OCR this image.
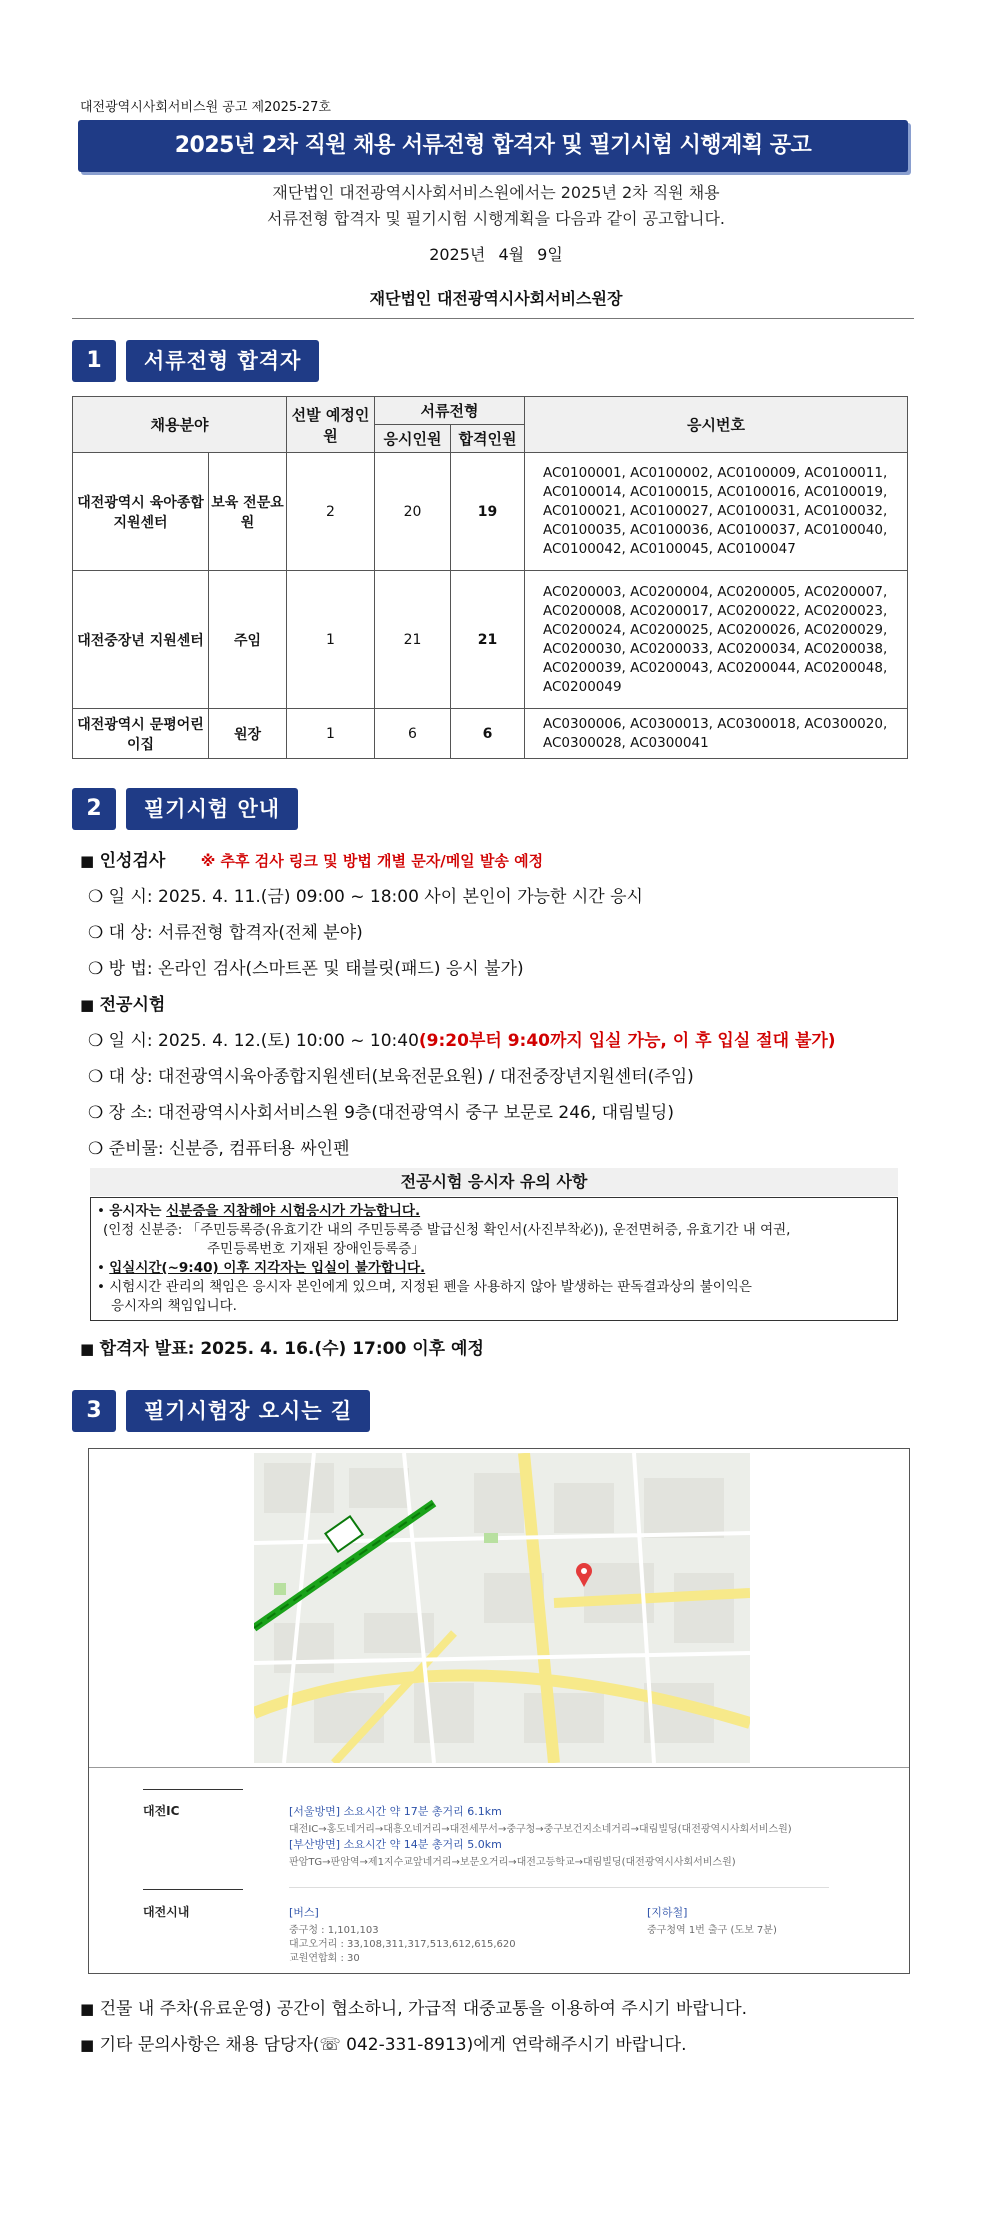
대전광역시사회서비스원 공고 제2025-27호
2025년 2차 직원 채용 서류전형 합격자 및 필기시험 시행계획 공고
재단법인 대전광역시사회서비스원에서는 2025년 2차 직원 채용
서류전형 합격자 및 필기시험 시행계획을 다음과 같이 공고합니다.
2025년 4월 9일
재단법인 대전광역시사회서비스원장
1	서류전형 합격자
채용분야		선발 예정인원	서류전형		응시번호
			응시인원	합격인원	
대전광역시 육아종합지원센터	보육 전문요원	2	20	19	AC0100001, AC0100002, AC0100009, AC0100011, AC0100014, AC0100015, AC0100016, AC0100019, AC0100021, AC0100027, AC0100031, AC0100032, AC0100035, AC0100036, AC0100037, AC0100040, AC0100042, AC0100045, AC0100047
대전중장년 지원센터	주임	1	21	21	AC0200003, AC0200004, AC0200005, AC0200007, AC0200008, AC0200017, AC0200022, AC0200023, AC0200024, AC0200025, AC0200026, AC0200029, AC0200030, AC0200033, AC0200034, AC0200038, AC0200039, AC0200043, AC0200044, AC0200048, AC0200049
대전광역시 문평어린이집	원장	1	6	6	AC0300006, AC0300013, AC0300018, AC0300020, AC0300028, AC0300041
2	필기시험 안내
■ 인성검사 ※ 추후 검사 링크 및 방법 개별 문자/메일 발송 예정
❍ 일 시: 2025. 4. 11.(금) 09:00 ~ 18:00 사이 본인이 가능한 시간 응시
❍ 대 상: 서류전형 합격자(전체 분야)
❍ 방 법: 온라인 검사(스마트폰 및 태블릿(패드) 응시 불가)
■ 전공시험
❍ 일 시: 2025. 4. 12.(토) 10:00 ~ 10:40(9:20부터 9:40까지 입실 가능, 이 후 입실 절대 불가)
❍ 대 상: 대전광역시육아종합지원센터(보육전문요원) / 대전중장년지원센터(주임)
❍ 장 소: 대전광역시사회서비스원 9층(대전광역시 중구 보문로 246, 대림빌딩)
❍ 준비물: 신분증, 컴퓨터용 싸인펜
전공시험 응시자 유의 사항
• 응시자는 신분증을 지참해야 시험응시가 가능합니다.
(인정 신분증: 「주민등록증(유효기간 내의 주민등록증 발급신청 확인서(사진부착必)), 운전면허증, 유효기간 내 여권,
주민등록번호 기재된 장애인등록증」
• 입실시간(~9:40) 이후 지각자는 입실이 불가합니다.
• 시험시간 관리의 책임은 응시자 본인에게 있으며, 지정된 펜을 사용하지 않아 발생하는 판독결과상의 불이익은
응시자의 책임입니다.
■ 합격자 발표: 2025. 4. 16.(수) 17:00 이후 예정
3	필기시험장 오시는 길
대전IC	[서울방면] 소요시간 약 17분 총거리 6.1km
대전IC→홍도네거리→대흥오네거리→대전세무서→중구청→중구보건지소네거리→대림빌딩(대전광역시사회서비스원)
[부산방면] 소요시간 약 14분 총거리 5.0km
판암TG→판암역→제1지수교앞네거리→보문오거리→대전고등학교→대림빌딩(대전광역시사회서비스원)
대전시내	[버스]
중구청 : 1,101,103
대고오거리 : 33,108,311,317,513,612,615,620
교원연합회 : 30
[지하철]
중구청역 1번 출구 (도보 7분)
■ 건물 내 주차(유료운영) 공간이 협소하니, 가급적 대중교통을 이용하여 주시기 바랍니다.
■ 기타 문의사항은 채용 담당자(☏ 042-331-8913)에게 연락해주시기 바랍니다.
